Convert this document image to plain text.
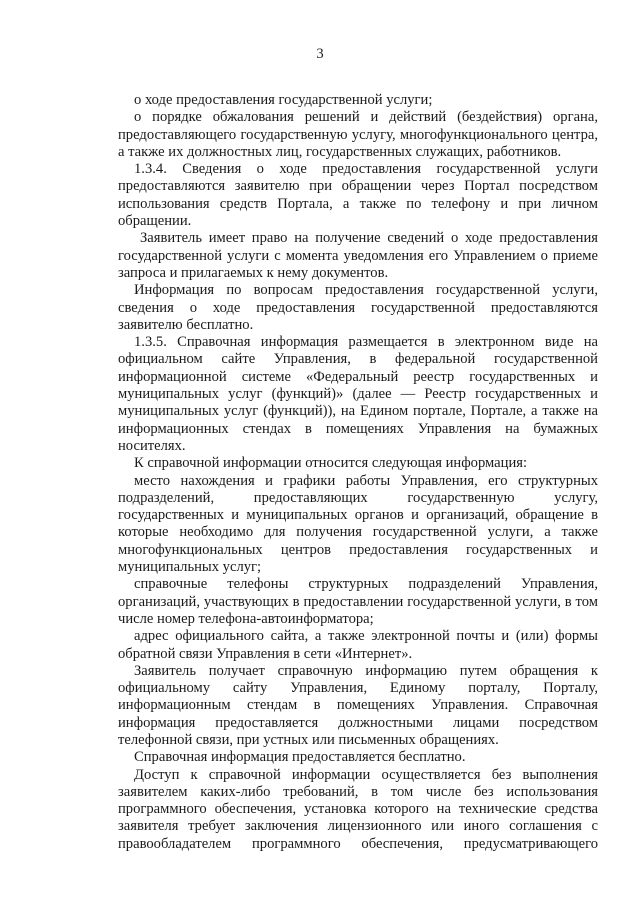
3

о ходе предоставления государственной услуги;

о порядке обжалования решений и действий (бездействия) органа, предоставляющего государственную услугу, многофункционального центра, а также их должностных лиц, государственных служащих, работников.

1.3.4. Сведения о ходе предоставления государственной услуги предоставляются заявителю при обращении через Портал посредством использования средств Портала, а также по телефону и при личном обращении.

Заявитель имеет право на получение сведений о ходе предоставления государственной услуги с момента уведомления его Управлением о приеме запроса и прилагаемых к нему документов.

Информация по вопросам предоставления государственной услуги, сведения о ходе предоставления государственной предоставляются заявителю бесплатно.

1.3.5. Справочная информация размещается в электронном виде на официальном сайте Управления, в федеральной государственной информационной системе «Федеральный реестр государственных и муниципальных услуг (функций)» (далее — Реестр государственных и муниципальных услуг (функций)), на Едином портале, Портале, а также на информационных стендах в помещениях Управления на бумажных носителях.

К справочной информации относится следующая информация:

место нахождения и графики работы Управления, его структурных подразделений, предоставляющих государственную услугу, государственных и муниципальных органов и организаций, обращение в которые необходимо для получения государственной услуги, а также многофункциональных центров предоставления государственных и муниципальных услуг;

справочные телефоны структурных подразделений Управления, организаций, участвующих в предоставлении государственной услуги, в том числе номер телефона-автоинформатора;

адрес официального сайта, а также электронной почты и (или) формы обратной связи Управления в сети «Интернет».

Заявитель получает справочную информацию путем обращения к официальному сайту Управления, Единому порталу, Порталу, информационным стендам в помещениях Управления. Справочная информация предоставляется должностными лицами посредством телефонной связи, при устных или письменных обращениях.

Справочная информация предоставляется бесплатно.

Доступ к справочной информации осуществляется без выполнения заявителем каких-либо требований, в том числе без использования программного обеспечения, установка которого на технические средства заявителя требует заключения лицензионного или иного соглашения с правообладателем программного обеспечения, предусматривающего
